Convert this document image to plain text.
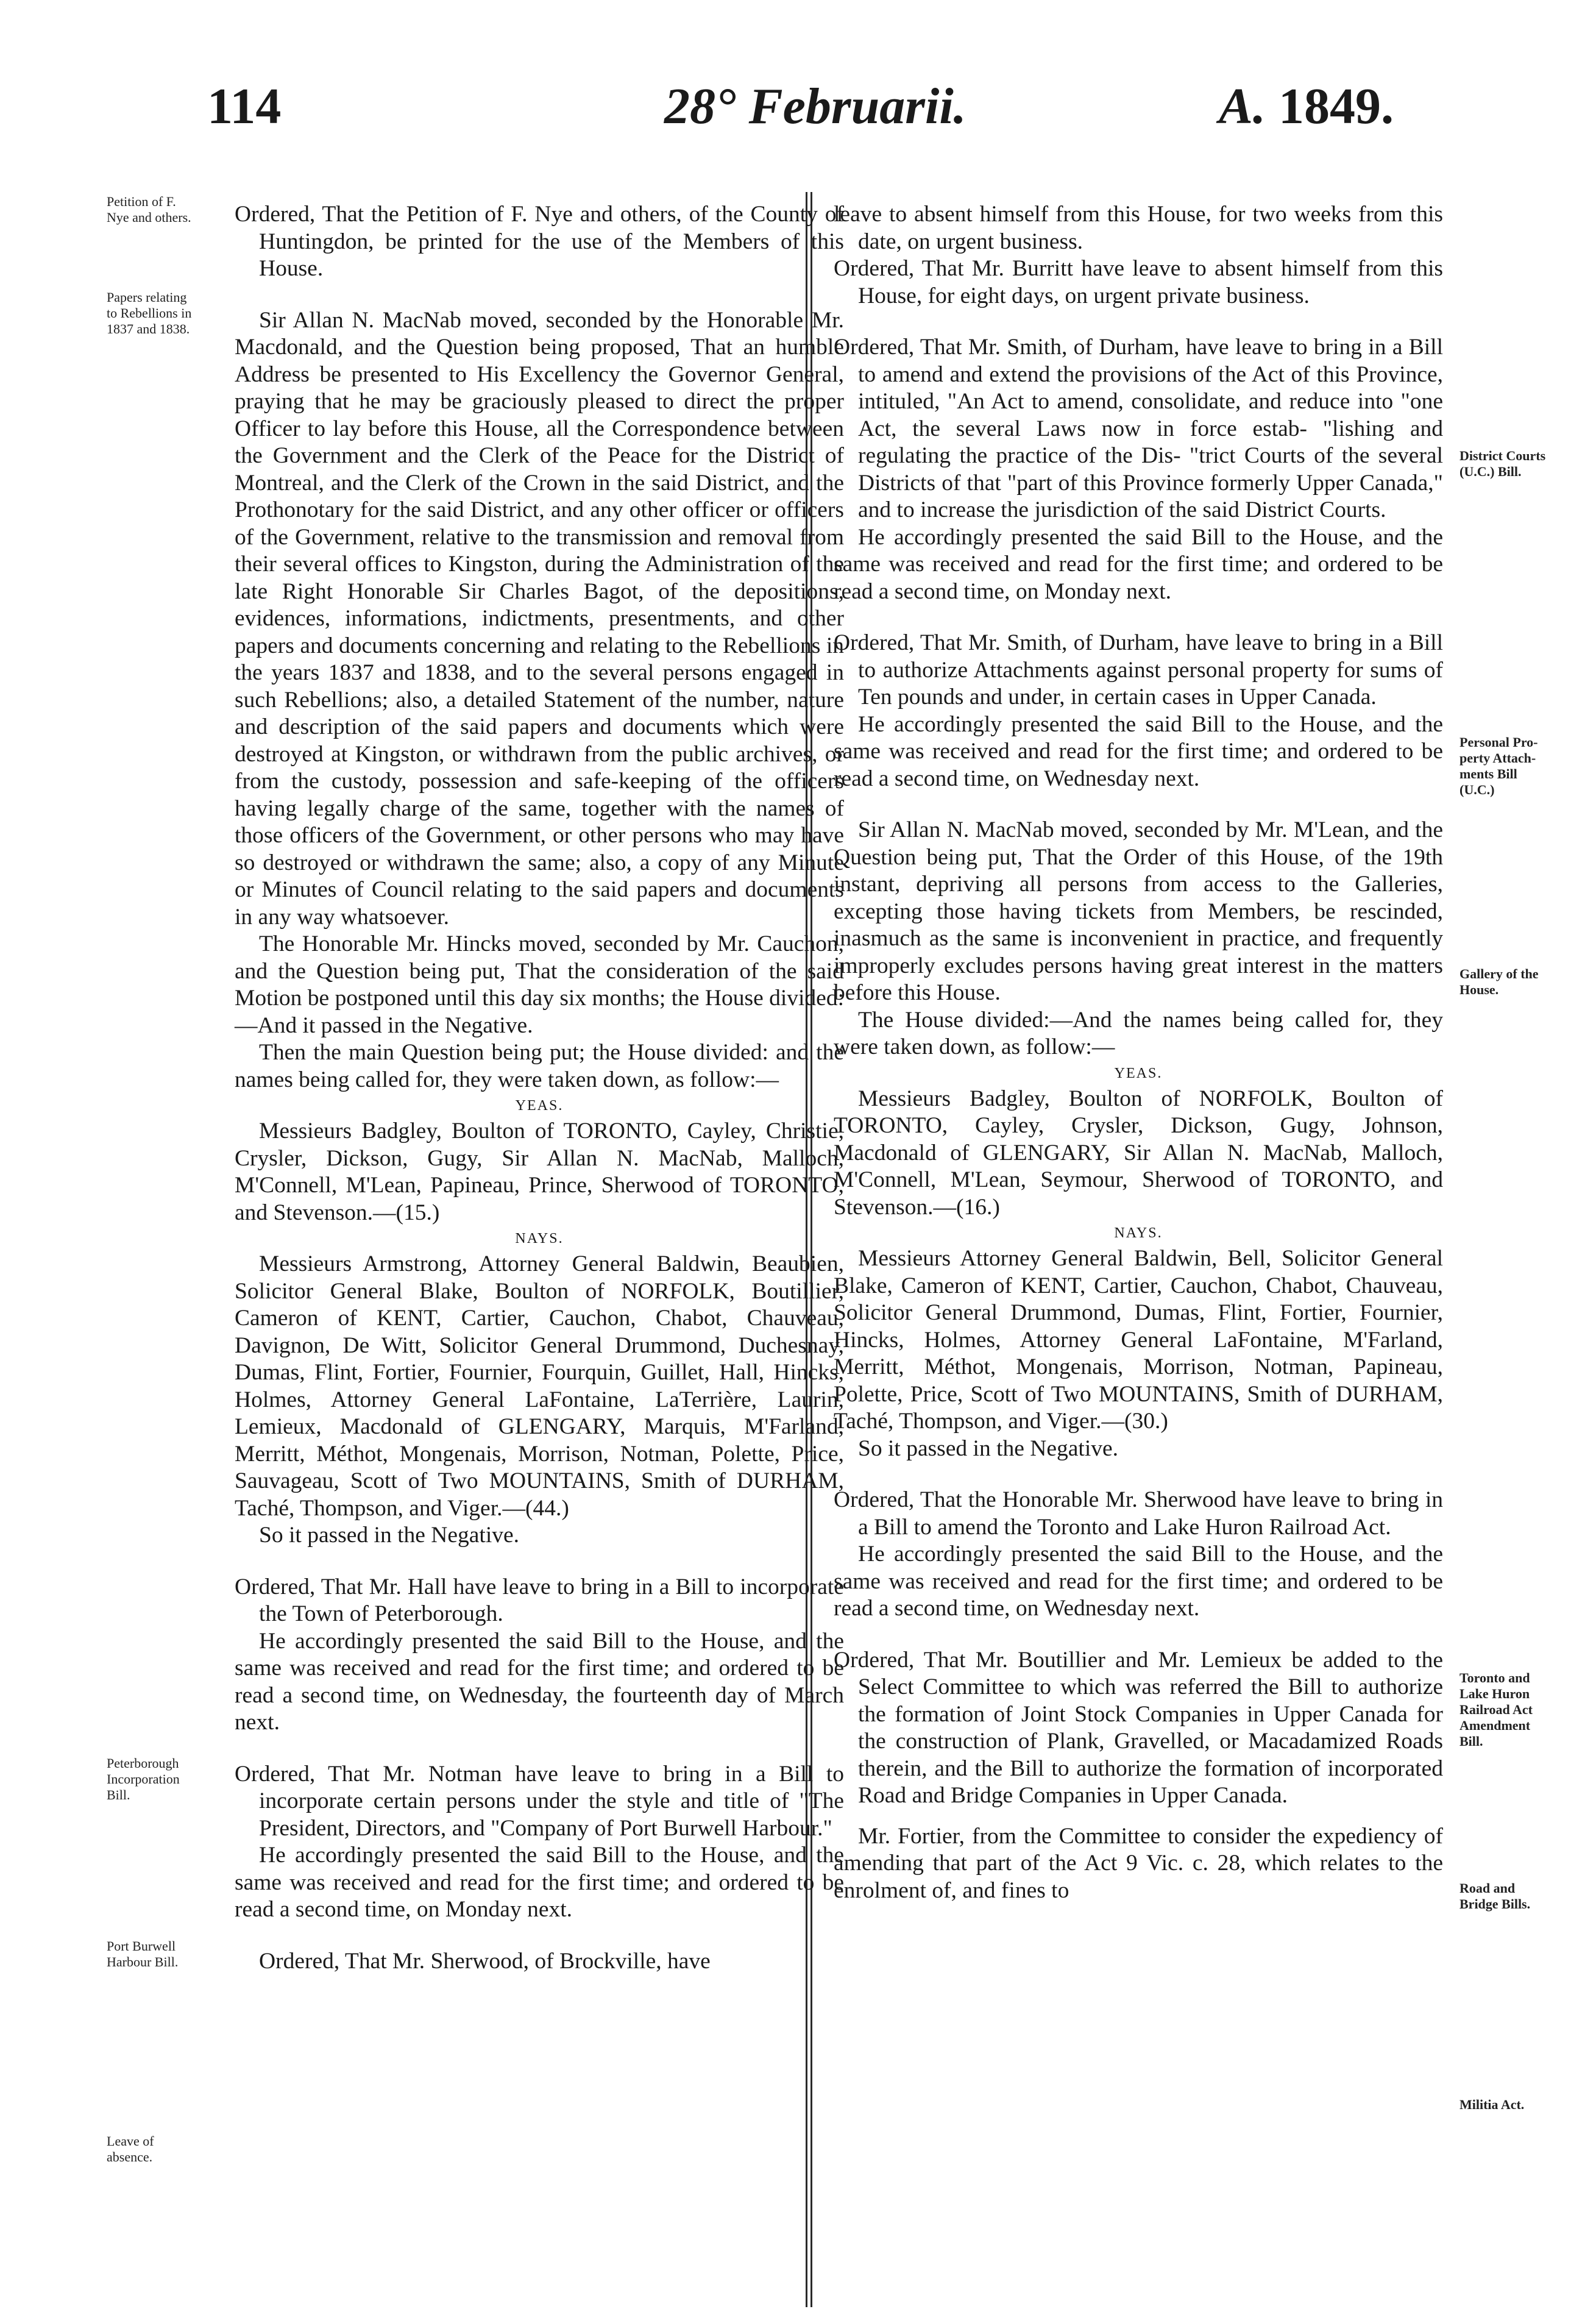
114	28° Februarii.	A. 1849.

Ordered, That the Petition of F. Nye and others, of the County of Huntingdon, be printed for the use of the Members of this House.

Sir Allan N. MacNab moved, seconded by the Honorable Mr. Macdonald, and the Question being proposed, That an humble Address be presented to His Excellency the Governor General, praying that he may be graciously pleased to direct the proper Officer to lay before this House, all the Correspondence between the Government and the Clerk of the Peace for the District of Montreal, and the Clerk of the Crown in the said District, and the Prothonotary for the said District, and any other officer or officers of the Government, relative to the transmission and removal from their several offices to Kingston, during the Administration of the late Right Honorable Sir Charles Bagot, of the depositions, evidences, informations, indictments, presentments, and other papers and documents concerning and relating to the Rebellions in the years 1837 and 1838, and to the several persons engaged in such Rebellions; also, a detailed Statement of the number, nature and description of the said papers and documents which were destroyed at Kingston, or withdrawn from the public archives, or from the custody, possession and safe-keeping of the officers having legally charge of the same, together with the names of those officers of the Government, or other persons who may have so destroyed or withdrawn the same; also, a copy of any Minute or Minutes of Council relating to the said papers and documents in any way whatsoever.

The Honorable Mr. Hincks moved, seconded by Mr. Cauchon, and the Question being put, That the consideration of the said Motion be postponed until this day six months; the House divided:—And it passed in the Negative.

Then the main Question being put; the House divided: and the names being called for, they were taken down, as follow:—

YEAS.

Messieurs Badgley, Boulton of TORONTO, Cayley, Christie, Crysler, Dickson, Gugy, Sir Allan N. MacNab, Malloch, M'Connell, M'Lean, Papineau, Prince, Sherwood of TORONTO, and Stevenson.—(15.)

NAYS.

Messieurs Armstrong, Attorney General Baldwin, Beaubien, Solicitor General Blake, Boulton of NORFOLK, Boutillier, Cameron of KENT, Cartier, Cauchon, Chabot, Chauveau, Davignon, De Witt, Solicitor General Drummond, Duchesnay, Dumas, Flint, Fortier, Fournier, Fourquin, Guillet, Hall, Hincks, Holmes, Attorney General LaFontaine, LaTerrière, Laurin, Lemieux, Macdonald of GLENGARY, Marquis, M'Farland, Merritt, Méthot, Mongenais, Morrison, Notman, Polette, Price, Sauvageau, Scott of Two MOUNTAINS, Smith of DURHAM, Taché, Thompson, and Viger.—(44.)

So it passed in the Negative.

Ordered, That Mr. Hall have leave to bring in a Bill to incorporate the Town of Peterborough.

He accordingly presented the said Bill to the House, and the same was received and read for the first time; and ordered to be read a second time, on Wednesday, the fourteenth day of March next.

Ordered, That Mr. Notman have leave to bring in a Bill to incorporate certain persons under the style and title of "The President, Directors, and "Company of Port Burwell Harbour."

He accordingly presented the said Bill to the House, and the same was received and read for the first time; and ordered to be read a second time, on Monday next.

Ordered, That Mr. Sherwood, of Brockville, have

leave to absent himself from this House, for two weeks from this date, on urgent business.

Ordered, That Mr. Burritt have leave to absent himself from this House, for eight days, on urgent private business.

Ordered, That Mr. Smith, of Durham, have leave to bring in a Bill to amend and extend the provisions of the Act of this Province, intituled, "An Act to amend, consolidate, and reduce into "one Act, the several Laws now in force estab- "lishing and regulating the practice of the Dis- "trict Courts of the several Districts of that "part of this Province formerly Upper Canada," and to increase the jurisdiction of the said District Courts.

He accordingly presented the said Bill to the House, and the same was received and read for the first time; and ordered to be read a second time, on Monday next.

Ordered, That Mr. Smith, of Durham, have leave to bring in a Bill to authorize Attachments against personal property for sums of Ten pounds and under, in certain cases in Upper Canada.

He accordingly presented the said Bill to the House, and the same was received and read for the first time; and ordered to be read a second time, on Wednesday next.

Sir Allan N. MacNab moved, seconded by Mr. M'Lean, and the Question being put, That the Order of this House, of the 19th instant, depriving all persons from access to the Galleries, excepting those having tickets from Members, be rescinded, inasmuch as the same is inconvenient in practice, and frequently improperly excludes persons having great interest in the matters before this House.

The House divided:—And the names being called for, they were taken down, as follow:—

YEAS.

Messieurs Badgley, Boulton of NORFOLK, Boulton of TORONTO, Cayley, Crysler, Dickson, Gugy, Johnson, Macdonald of GLENGARY, Sir Allan N. MacNab, Malloch, M'Connell, M'Lean, Seymour, Sherwood of TORONTO, and Stevenson.—(16.)

NAYS.

Messieurs Attorney General Baldwin, Bell, Solicitor General Blake, Cameron of KENT, Cartier, Cauchon, Chabot, Chauveau, Solicitor General Drummond, Dumas, Flint, Fortier, Fournier, Hincks, Holmes, Attorney General LaFontaine, M'Farland, Merritt, Méthot, Mongenais, Morrison, Notman, Papineau, Polette, Price, Scott of Two MOUNTAINS, Smith of DURHAM, Taché, Thompson, and Viger.—(30.)

So it passed in the Negative.

Ordered, That the Honorable Mr. Sherwood have leave to bring in a Bill to amend the Toronto and Lake Huron Railroad Act.

He accordingly presented the said Bill to the House, and the same was received and read for the first time; and ordered to be read a second time, on Wednesday next.

Ordered, That Mr. Boutillier and Mr. Lemieux be added to the Select Committee to which was referred the Bill to authorize the formation of Joint Stock Companies in Upper Canada for the construction of Plank, Gravelled, or Macadamized Roads therein, and the Bill to authorize the formation of incorporated Road and Bridge Companies in Upper Canada.

Mr. Fortier, from the Committee to consider the expediency of amending that part of the Act 9 Vic. c. 28, which relates to the enrolment of, and fines to

Petition of F.
Nye and others.
Papers relating
to Rebellions in
1837 and 1838.
Peterborough
Incorporation
Bill.
Port Burwell
Harbour Bill.
Leave of
absence.
District Courts
(U.C.) Bill.
Personal Pro-
perty Attach-
ments Bill
(U.C.)
Gallery of the
House.
Toronto and
Lake Huron
Railroad Act
Amendment
Bill.
Road and
Bridge Bills.
Militia Act.
